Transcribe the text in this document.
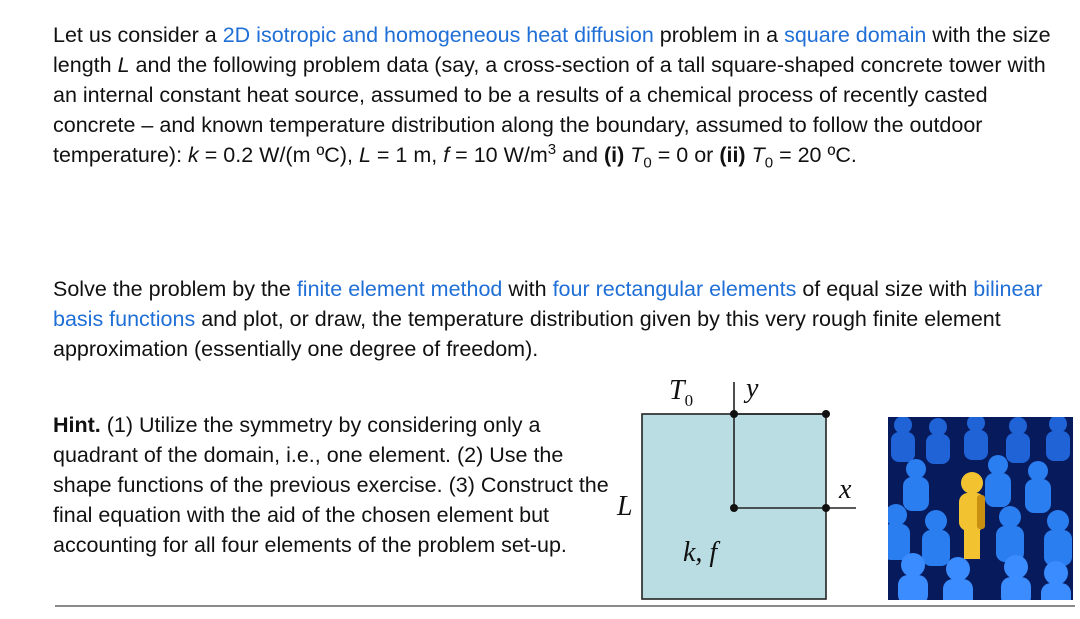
Let us consider a 2D isotropic and homogeneous heat diffusion problem in a square domain with the size length L and the following problem data (say, a cross-section of a tall square-shaped concrete tower with an internal constant heat source, assumed to be a results of a chemical process of recently casted concrete – and known temperature distribution along the boundary, assumed to follow the outdoor temperature): k = 0.2 W/(m ºC), L = 1 m, f = 10 $W/m^3$ and (i) $T_0 = 0$ or (ii) $T_0 = 20$ ºC.
Solve the problem by the finite element method with four rectangular elements of equal size with bilinear basis functions and plot, or draw, the temperature distribution given by this very rough finite element approximation (essentially one degree of freedom).
Hint. (1) Utilize the symmetry by considering only a quadrant of the domain, i.e., one element. (2) Use the shape functions of the previous exercise. (3) Construct the final equation with the aid of the chosen element but accounting for all four elements of the problem set-up.
$T_0$ y
x
L
k, f
